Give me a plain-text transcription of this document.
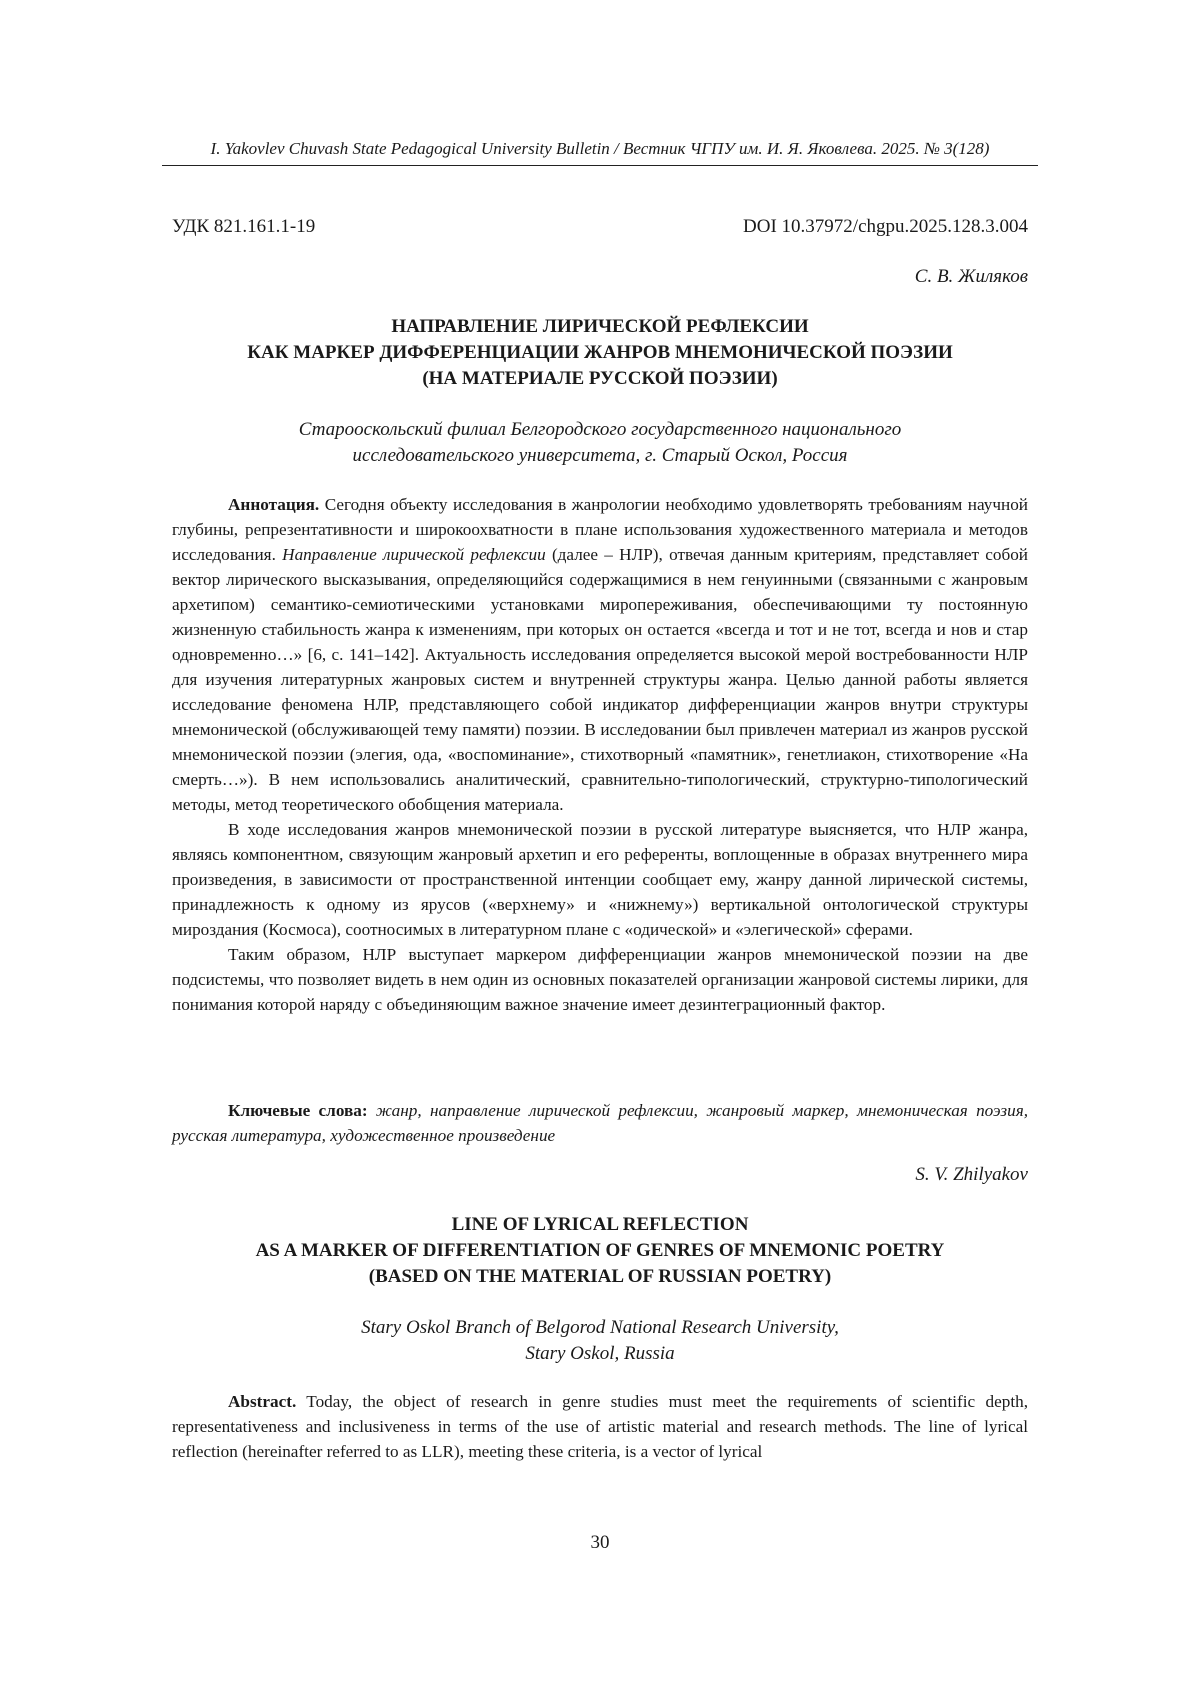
I. Yakovlev Chuvash State Pedagogical University Bulletin / Вестник ЧГПУ им. И. Я. Яковлева. 2025. № 3(128)
УДК 821.161.1-19	DOI 10.37972/chgpu.2025.128.3.004
С. В. Жиляков
НАПРАВЛЕНИЕ ЛИРИЧЕСКОЙ РЕФЛЕКСИИ
КАК МАРКЕР ДИФФЕРЕНЦИАЦИИ ЖАНРОВ МНЕМОНИЧЕСКОЙ ПОЭЗИИ
(НА МАТЕРИАЛЕ РУССКОЙ ПОЭЗИИ)
Старооскольский филиал Белгородского государственного национального
исследовательского университета, г. Старый Оскол, Россия

Аннотация. Сегодня объекту исследования в жанрологии необходимо удовлетворять требованиям научной глубины, репрезентативности и широкоохватности в плане использования художественного материала и методов исследования. Направление лирической рефлексии (далее – НЛР), отвечая данным критериям, представляет собой вектор лирического высказывания, определяющийся содержащимися в нем генуинными (связанными с жанровым архетипом) семантико-семиотическими установками миропереживания, обеспечивающими ту постоянную жизненную стабильность жанра к изменениям, при которых он остается «всегда и тот и не тот, всегда и нов и стар одновременно…» [6, с. 141–142]. Актуальность исследования определяется высокой мерой востребованности НЛР для изучения литературных жанровых систем и внутренней структуры жанра. Целью данной работы является исследование феномена НЛР, представляющего собой индикатор дифференциации жанров внутри структуры мнемонической (обслуживающей тему памяти) поэзии. В исследовании был привлечен материал из жанров русской мнемонической поэзии (элегия, ода, «воспоминание», стихотворный «памятник», генетлиакон, стихотворение «На смерть…»). В нем использовались аналитический, сравнительно-типологический, структурно-типологический методы, метод теоретического обобщения материала.

В ходе исследования жанров мнемонической поэзии в русской литературе выясняется, что НЛР жанра, являясь компонентном, связующим жанровый архетип и его референты, воплощенные в образах внутреннего мира произведения, в зависимости от пространственной интенции сообщает ему, жанру данной лирической системы, принадлежность к одному из ярусов («верхнему» и «нижнему») вертикальной онтологической структуры мироздания (Космоса), соотносимых в литературном плане с «одической» и «элегической» сферами.

Таким образом, НЛР выступает маркером дифференциации жанров мнемонической поэзии на две подсистемы, что позволяет видеть в нем один из основных показателей организации жанровой системы лирики, для понимания которой наряду с объединяющим важное значение имеет дезинтеграционный фактор.

Ключевые слова: жанр, направление лирической рефлексии, жанровый маркер, мнемоническая поэзия, русская литература, художественное произведение

S. V. Zhilyakov
LINE OF LYRICAL REFLECTION
AS A MARKER OF DIFFERENTIATION OF GENRES OF MNEMONIC POETRY
(BASED ON THE MATERIAL OF RUSSIAN POETRY)
Stary Oskol Branch of Belgorod National Research University,
Stary Oskol, Russia

Abstract. Today, the object of research in genre studies must meet the requirements of scientific depth, representativeness and inclusiveness in terms of the use of artistic material and research methods. The line of lyrical reflection (hereinafter referred to as LLR), meeting these criteria, is a vector of lyrical

30
